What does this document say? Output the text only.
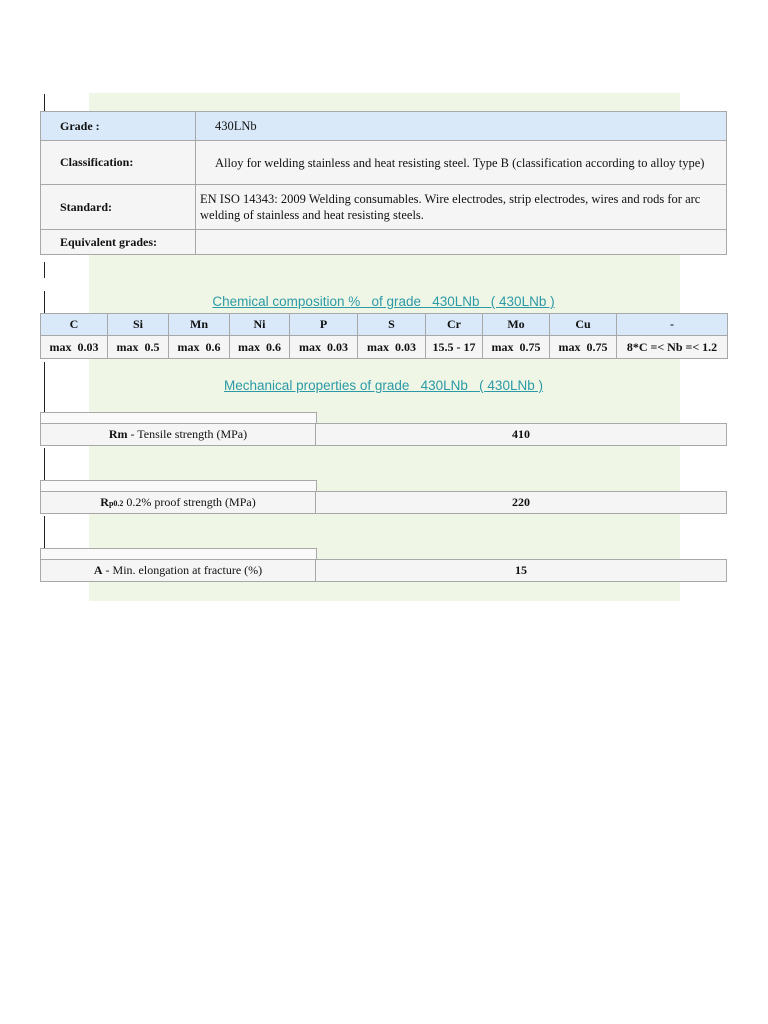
Grade :	430LNb
Classification:	Alloy for welding stainless and heat resisting steel. Type B (classification according to alloy type)
Standard:	EN ISO 14343: 2009 Welding consumables. Wire electrodes, strip electrodes, wires and rods for arc welding of stainless and heat resisting steels.
Equivalent grades:	
Chemical composition %   of grade   430LNb   ( 430LNb )
C	Si	Mn	Ni	P	S	Cr	Mo	Cu	-
max  0.03	max  0.5	max  0.6	max  0.6	max  0.03	max  0.03	15.5 - 17	max  0.75	max  0.75	8*C =< Nb =< 1.2
Mechanical properties of grade   430LNb   ( 430LNb )
Rm - Tensile strength (MPa)	410
Rp0.2 0.2% proof strength (MPa)	220
A - Min. elongation at fracture (%)	15
